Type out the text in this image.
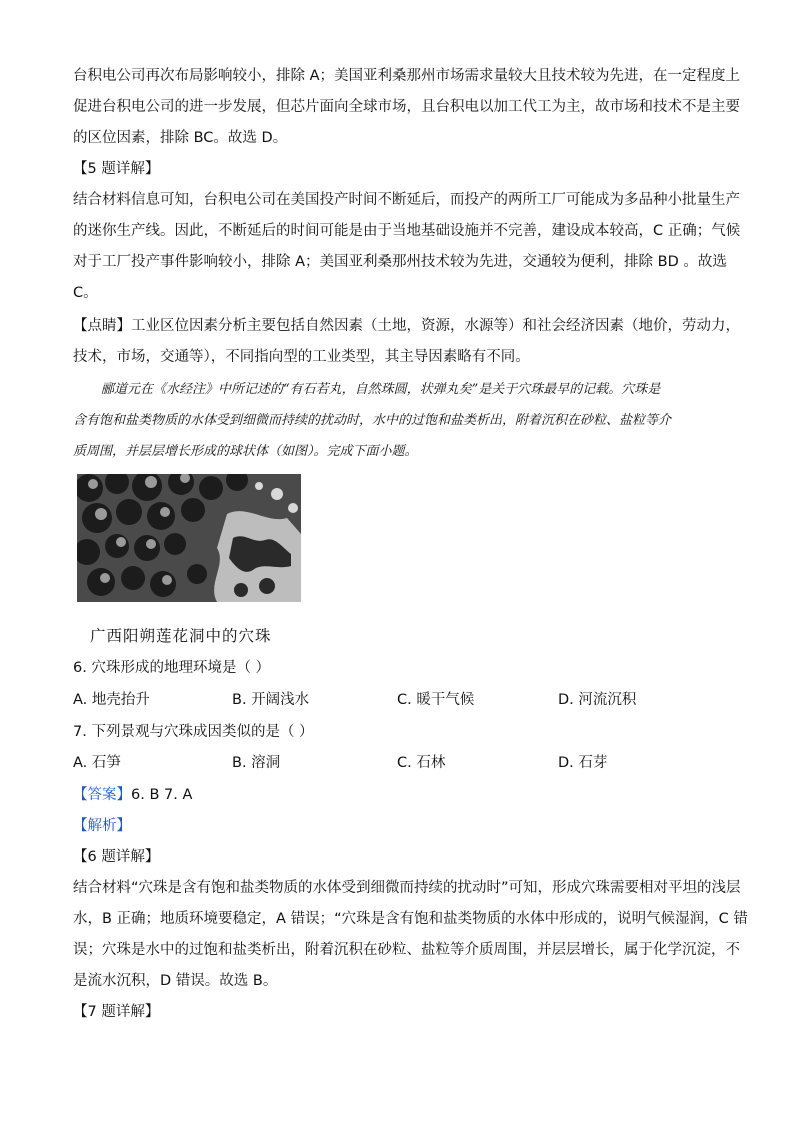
台积电公司再次布局影响较小，排除 A；美国亚利桑那州市场需求量较大且技术较为先进，在一定程度上
促进台积电公司的进一步发展，但芯片面向全球市场，且台积电以加工代工为主，故市场和技术不是主要
的区位因素，排除 BC。故选 D。
【5 题详解】
结合材料信息可知，台积电公司在美国投产时间不断延后，而投产的两所工厂可能成为多品种小批量生产
的迷你生产线。因此，不断延后的时间可能是由于当地基础设施并不完善，建设成本较高，C 正确；气候
对于工厂投产事件影响较小，排除 A；美国亚利桑那州技术较为先进，交通较为便利，排除 BD 。故选
C。
【点睛】工业区位因素分析主要包括自然因素（土地，资源，水源等）和社会经济因素（地价，劳动力，
技术，市场，交通等），不同指向型的工业类型，其主导因素略有不同。
郦道元在《水经注》中所记述的“有石若丸，自然珠圆，状弹丸矣”是关于穴珠最早的记载。穴珠是
含有饱和盐类物质的水体受到细微而持续的扰动时，水中的过饱和盐类析出，附着沉积在砂粒、盐粒等介
质周围，并层层增长形成的球状体（如图）。完成下面小题。
广西阳朔莲花洞中的穴珠
6. 穴珠形成的地理环境是（ ）
A. 地壳抬升	B. 开阔浅水	C. 暖干气候	D. 河流沉积
7. 下列景观与穴珠成因类似的是（ ）
A. 石笋	B. 溶洞	C. 石林	D. 石芽
【答案】6. B 7. A
【解析】
【6 题详解】
结合材料“穴珠是含有饱和盐类物质的水体受到细微而持续的扰动时”可知，形成穴珠需要相对平坦的浅层
水，B 正确；地质环境要稳定，A 错误；“穴珠是含有饱和盐类物质的水体中形成的，说明气候湿润，C 错
误；穴珠是水中的过饱和盐类析出，附着沉积在砂粒、盐粒等介质周围，并层层增长，属于化学沉淀，不
是流水沉积，D 错误。故选 B。
【7 题详解】
